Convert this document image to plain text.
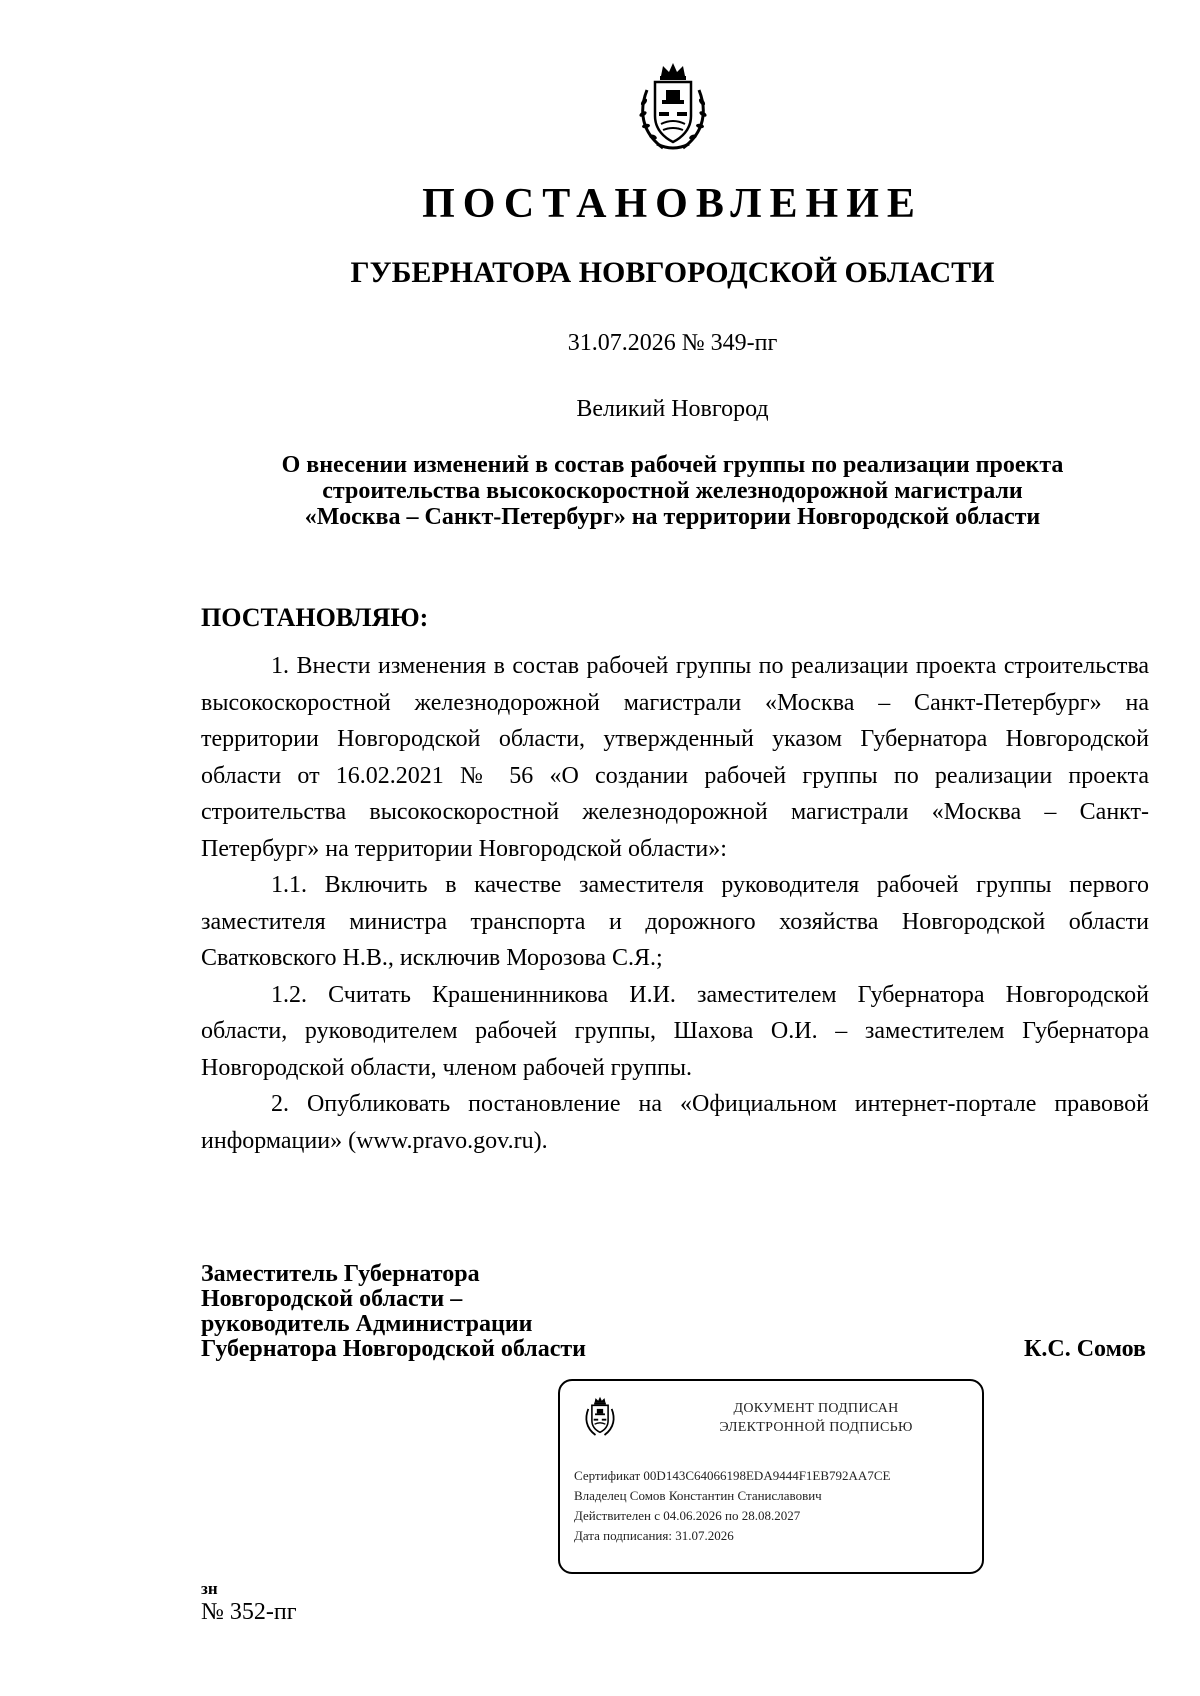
ПОСТАНОВЛЕНИЕ
ГУБЕРНАТОРА НОВГОРОДСКОЙ ОБЛАСТИ
31.07.2026 № 349-пг
Великий Новгород
О внесении изменений в состав рабочей группы по реализации проекта
строительства высокоскоростной железнодорожной магистрали
«Москва – Санкт-Петербург» на территории Новгородской области
ПОСТАНОВЛЯЮ:

1. Внести изменения в состав рабочей группы по реализации проекта строительства высокоскоростной железнодорожной магистрали «Москва – Санкт-Петербург» на территории Новгородской области, утвержденный указом Губернатора Новгородской области от 16.02.2021 № 56 «О создании рабочей группы по реализации проекта строительства высокоскоростной железнодорожной магистрали «Москва – Санкт-Петербург» на территории Новгородской области»:

1.1. Включить в качестве заместителя руководителя рабочей группы первого заместителя министра транспорта и дорожного хозяйства Новгородской области Сватковского Н.В., исключив Морозова С.Я.;

1.2. Считать Крашенинникова И.И. заместителем Губернатора Новгородской области, руководителем рабочей группы, Шахова О.И. – заместителем Губернатора Новгородской области, членом рабочей группы.

2. Опубликовать постановление на «Официальном интернет-портале правовой информации» (www.pravo.gov.ru).

Заместитель Губернатора
Новгородской области –
руководитель Администрации
Губернатора Новгородской области	К.С. Сомов
ДОКУМЕНТ ПОДПИСАН
ЭЛЕКТРОННОЙ ПОДПИСЬЮ
Сертификат 00D143C64066198EDA9444F1EB792AA7CE
Владелец Сомов Константин Станиславович
Действителен с 04.06.2026 по 28.08.2027
Дата подписания: 31.07.2026
зн
№ 352-пг
